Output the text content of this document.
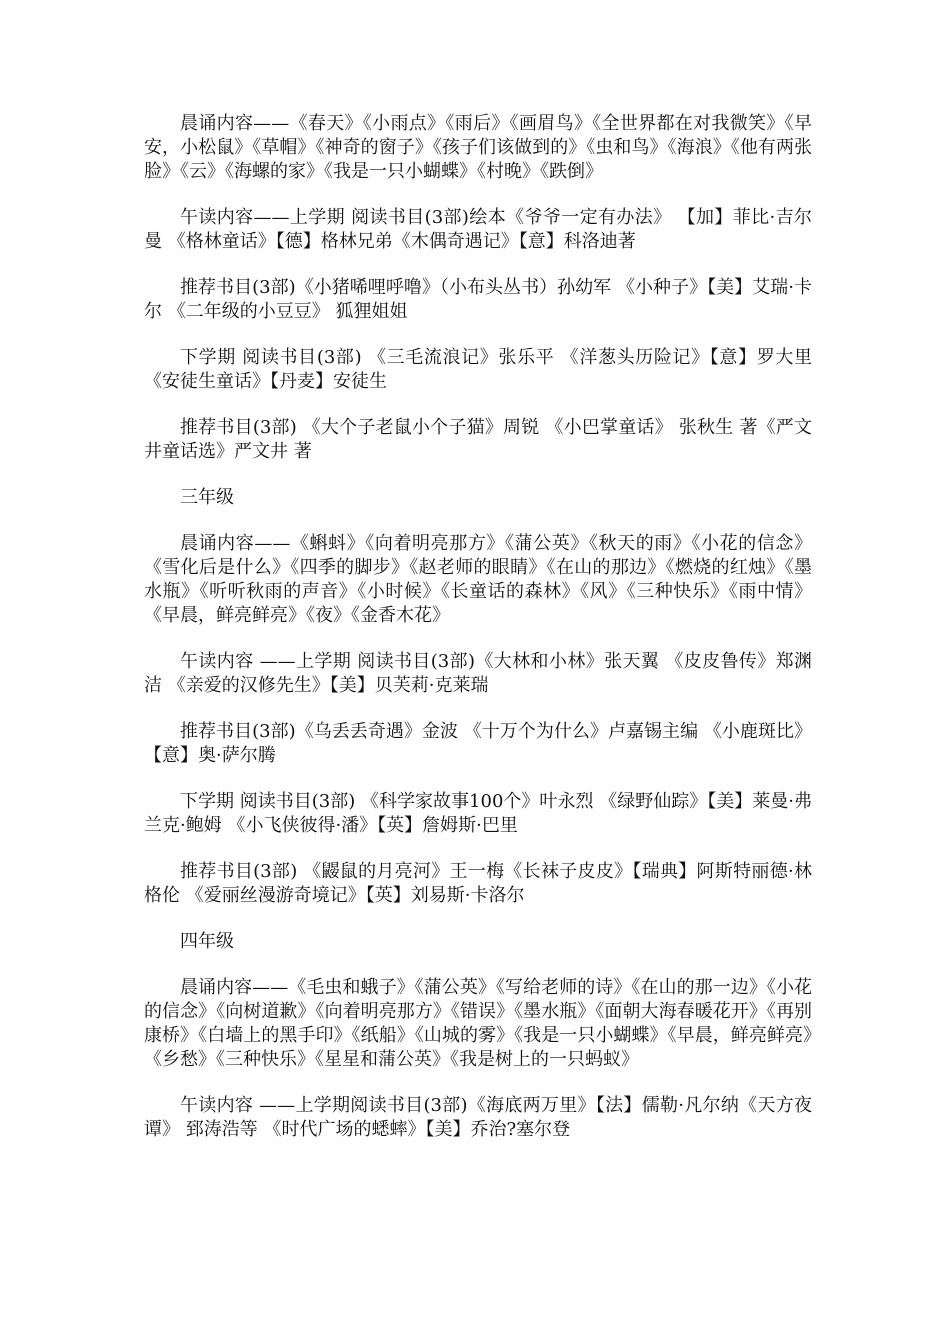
晨诵内容——《春天》《小雨点》《雨后》《画眉鸟》《全世界都在对我微笑》《早安，小松鼠》《草帽》《神奇的窗子》《孩子们该做到的》《虫和鸟》《海浪》《他有两张脸》《云》《海螺的家》《我是一只小蝴蝶》《村晚》《跌倒》

午读内容——上学期 阅读书目(3部)绘本《爷爷一定有办法》 【加】菲比·吉尔曼 《格林童话》【德】格林兄弟《木偶奇遇记》【意】科洛迪著

推荐书目(3部)《小猪唏哩呼噜》（小布头丛书）孙幼军 《小种子》【美】艾瑞·卡尔 《二年级的小豆豆》 狐狸姐姐

下学期 阅读书目(3部) 《三毛流浪记》张乐平 《洋葱头历险记》【意】罗大里 《安徒生童话》【丹麦】安徒生

推荐书目(3部) 《大个子老鼠小个子猫》周锐 《小巴掌童话》 张秋生 著《严文井童话选》严文井 著

三年级

晨诵内容——《蝌蚪》《向着明亮那方》《蒲公英》《秋天的雨》《小花的信念》《雪化后是什么》《四季的脚步》《赵老师的眼睛》《在山的那边》《燃烧的红烛》《墨水瓶》《听听秋雨的声音》《小时候》《长童话的森林》《风》《三种快乐》《雨中情》《早晨，鲜亮鲜亮》《夜》《金香木花》

午读内容 ——上学期 阅读书目(3部)《大林和小林》张天翼 《皮皮鲁传》郑渊洁 《亲爱的汉修先生》【美】贝芙莉·克莱瑞

推荐书目(3部)《乌丢丢奇遇》金波 《十万个为什么》卢嘉锡主编 《小鹿斑比》【意】奥·萨尔腾

下学期 阅读书目(3部) 《科学家故事100个》叶永烈 《绿野仙踪》【美】莱曼·弗兰克·鲍姆 《小飞侠彼得·潘》【英】詹姆斯·巴里

推荐书目(3部) 《鼹鼠的月亮河》王一梅《长袜子皮皮》【瑞典】阿斯特丽德·林格伦 《爱丽丝漫游奇境记》【英】刘易斯·卡洛尔

四年级

晨诵内容——《毛虫和蛾子》《蒲公英》《写给老师的诗》《在山的那一边》《小花的信念》《向树道歉》《向着明亮那方》《错误》《墨水瓶》《面朝大海春暖花开》《再别康桥》《白墙上的黑手印》《纸船》《山城的雾》《我是一只小蝴蝶》《早晨，鲜亮鲜亮》《乡愁》《三种快乐》《星星和蒲公英》《我是树上的一只蚂蚁》

午读内容 ——上学期阅读书目(3部)《海底两万里》【法】儒勒·凡尔纳《天方夜谭》 郅涛浩等 《时代广场的蟋蟀》【美】乔治?塞尔登
